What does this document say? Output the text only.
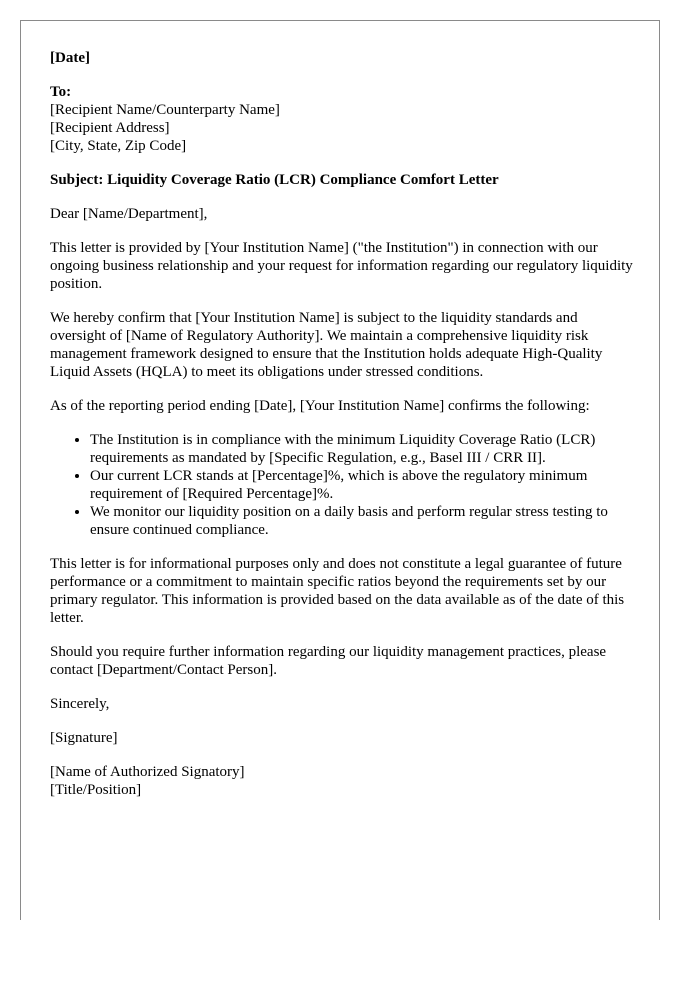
[Date]
To:
[Recipient Name/Counterparty Name]
[Recipient Address]
[City, State, Zip Code]
Subject: Liquidity Coverage Ratio (LCR) Compliance Comfort Letter
Dear [Name/Department],
This letter is provided by [Your Institution Name] ("the Institution") in connection with our ongoing business relationship and your request for information regarding our regulatory liquidity position.
We hereby confirm that [Your Institution Name] is subject to the liquidity standards and oversight of [Name of Regulatory Authority]. We maintain a comprehensive liquidity risk management framework designed to ensure that the Institution holds adequate High-Quality Liquid Assets (HQLA) to meet its obligations under stressed conditions.
As of the reporting period ending [Date], [Your Institution Name] confirms the following:
• The Institution is in compliance with the minimum Liquidity Coverage Ratio (LCR) requirements as mandated by [Specific Regulation, e.g., Basel III / CRR II].
• Our current LCR stands at [Percentage]%, which is above the regulatory minimum requirement of [Required Percentage]%.
• We monitor our liquidity position on a daily basis and perform regular stress testing to ensure continued compliance.
This letter is for informational purposes only and does not constitute a legal guarantee of future performance or a commitment to maintain specific ratios beyond the requirements set by our primary regulator. This information is provided based on the data available as of the date of this letter.
Should you require further information regarding our liquidity management practices, please contact [Department/Contact Person].
Sincerely,
[Signature]
[Name of Authorized Signatory]
[Title/Position]
